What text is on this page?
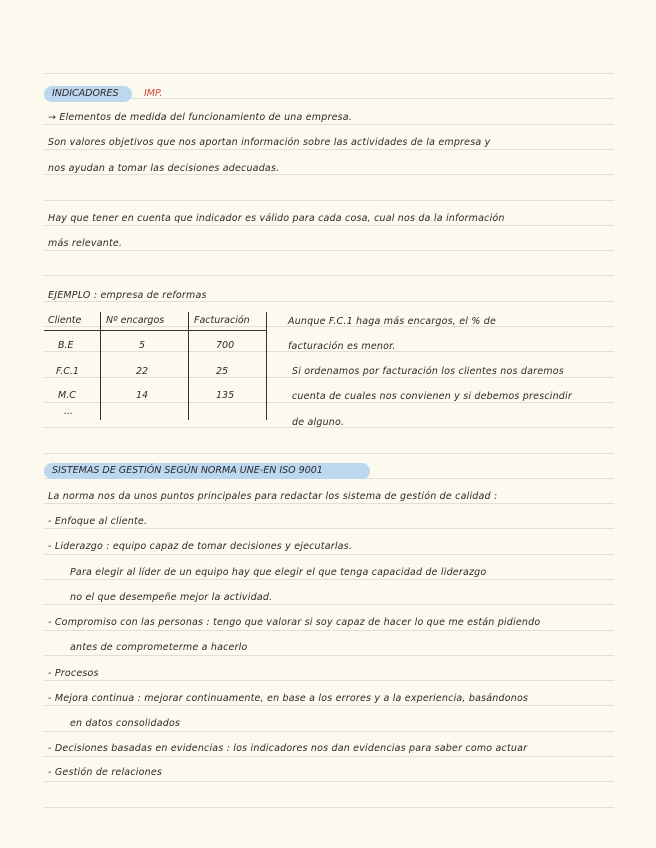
INDICADORES	IMP.
→ Elementos de medida del funcionamiento de una empresa.
Son valores objetivos que nos aportan información sobre las actividades de la empresa y
nos ayudan a tomar las decisiones adecuadas.
Hay que tener en cuenta que indicador es válido para cada cosa, cual nos da la información
más relevante.
EJEMPLO : empresa de reformas
Cliente	Nº encargos	Facturación
B.E	5	700
F.C.1	22	25
M.C	14	135
...
Aunque F.C.1 haga más encargos, el % de
facturación es menor.
Si ordenamos por facturación los clientes nos daremos
cuenta de cuales nos convienen y si debemos prescindir
de alguno.
SISTEMAS DE GESTIÓN SEGÚN NORMA UNE-EN ISO 9001
La norma nos da unos puntos principales para redactar los sistema de gestión de calidad :
- Enfoque al cliente.
- Liderazgo : equipo capaz de tomar decisiones y ejecutarlas.
Para elegir al líder de un equipo hay que elegir el que tenga capacidad de liderazgo
no el que desempeñe mejor la actividad.
- Compromiso con las personas : tengo que valorar si soy capaz de hacer lo que me están pidiendo
antes de comprometerme a hacerlo
- Procesos
- Mejora continua : mejorar continuamente, en base a los errores y a la experiencia, basándonos
en datos consolidados
- Decisiones basadas en evidencias : los indicadores nos dan evidencias para saber como actuar
- Gestión de relaciones
